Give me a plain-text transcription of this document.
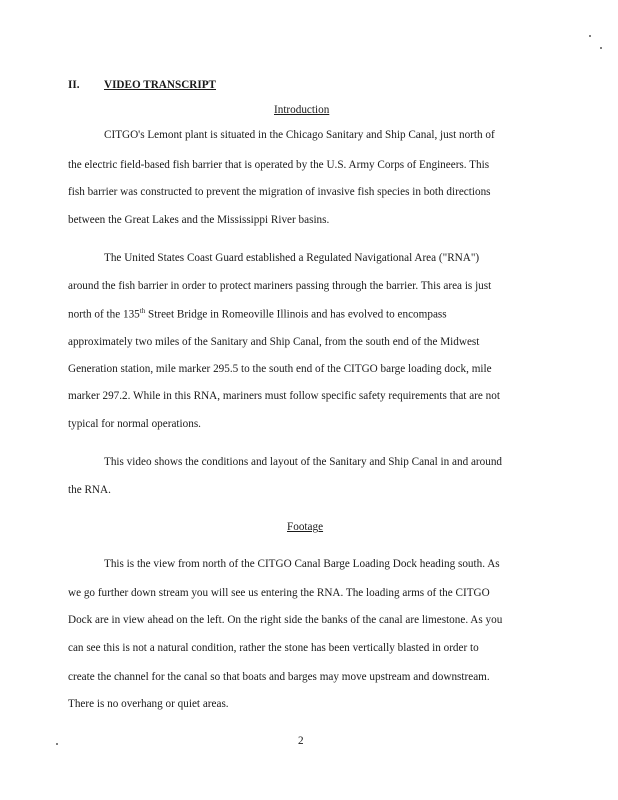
II. VIDEO TRANSCRIPT
Introduction
CITGO's Lemont plant is situated in the Chicago Sanitary and Ship Canal, just north of
the electric field-based fish barrier that is operated by the U.S. Army Corps of Engineers. This
fish barrier was constructed to prevent the migration of invasive fish species in both directions
between the Great Lakes and the Mississippi River basins.
The United States Coast Guard established a Regulated Navigational Area ("RNA")
around the fish barrier in order to protect mariners passing through the barrier. This area is just
north of the 135th Street Bridge in Romeoville Illinois and has evolved to encompass
approximately two miles of the Sanitary and Ship Canal, from the south end of the Midwest
Generation station, mile marker 295.5 to the south end of the CITGO barge loading dock, mile
marker 297.2. While in this RNA, mariners must follow specific safety requirements that are not
typical for normal operations.
This video shows the conditions and layout of the Sanitary and Ship Canal in and around
the RNA.
Footage
This is the view from north of the CITGO Canal Barge Loading Dock heading south. As
we go further down stream you will see us entering the RNA. The loading arms of the CITGO
Dock are in view ahead on the left. On the right side the banks of the canal are limestone. As you
can see this is not a natural condition, rather the stone has been vertically blasted in order to
create the channel for the canal so that boats and barges may move upstream and downstream.
There is no overhang or quiet areas.
2
